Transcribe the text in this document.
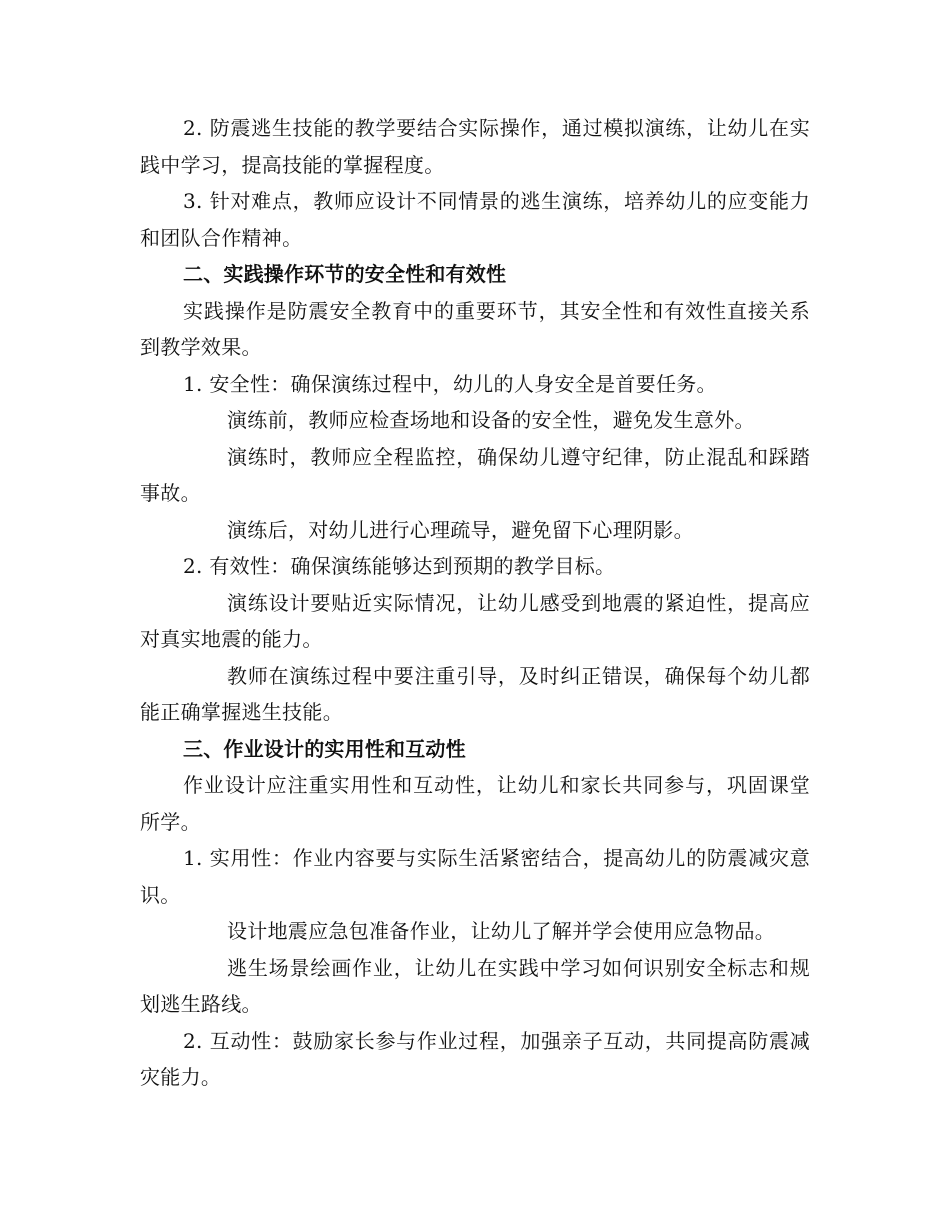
2. 防震逃生技能的教学要结合实际操作，通过模拟演练，让幼儿在实践中学习，提高技能的掌握程度。

3. 针对难点，教师应设计不同情景的逃生演练，培养幼儿的应变能力和团队合作精神。

二、实践操作环节的安全性和有效性

实践操作是防震安全教育中的重要环节，其安全性和有效性直接关系到教学效果。

1. 安全性：确保演练过程中，幼儿的人身安全是首要任务。

演练前，教师应检查场地和设备的安全性，避免发生意外。

演练时，教师应全程监控，确保幼儿遵守纪律，防止混乱和踩踏事故。

演练后，对幼儿进行心理疏导，避免留下心理阴影。

2. 有效性：确保演练能够达到预期的教学目标。

演练设计要贴近实际情况，让幼儿感受到地震的紧迫性，提高应对真实地震的能力。

教师在演练过程中要注重引导，及时纠正错误，确保每个幼儿都能正确掌握逃生技能。

三、作业设计的实用性和互动性

作业设计应注重实用性和互动性，让幼儿和家长共同参与，巩固课堂所学。

1. 实用性：作业内容要与实际生活紧密结合，提高幼儿的防震减灾意识。

设计地震应急包准备作业，让幼儿了解并学会使用应急物品。

逃生场景绘画作业，让幼儿在实践中学习如何识别安全标志和规划逃生路线。

2. 互动性：鼓励家长参与作业过程，加强亲子互动，共同提高防震减灾能力。
